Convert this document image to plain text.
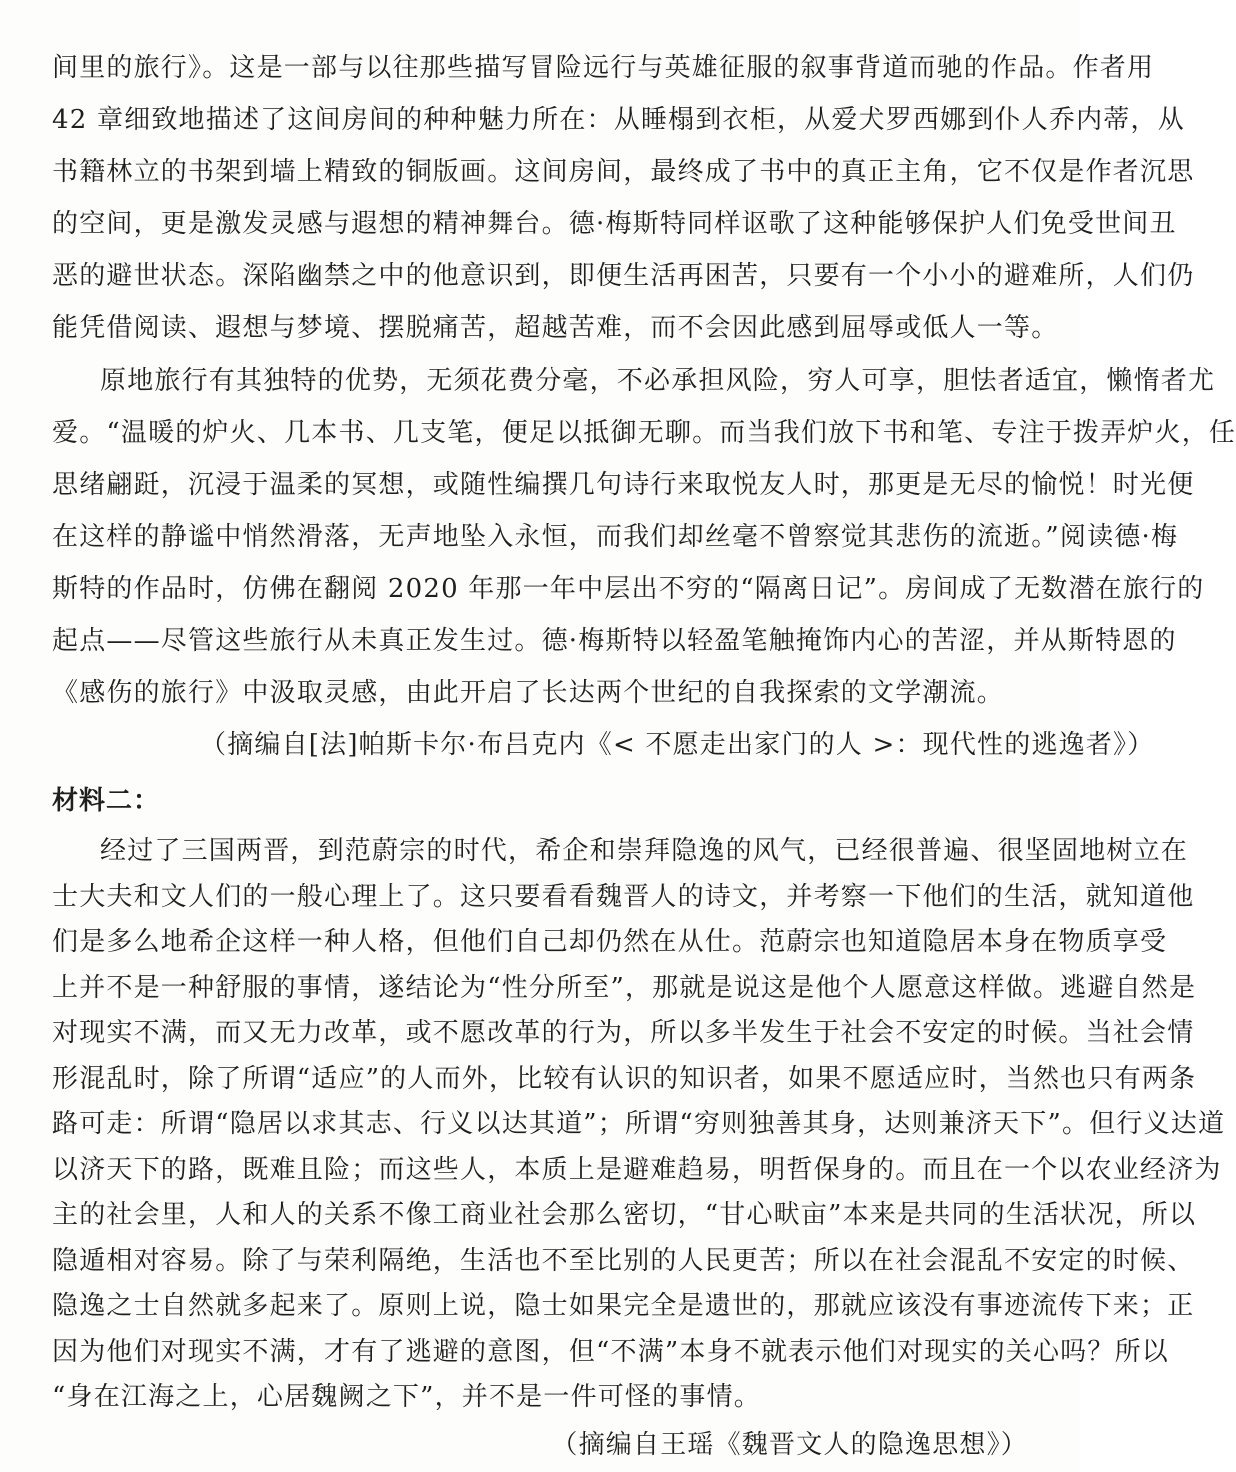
间里的旅行》。这是一部与以往那些描写冒险远行与英雄征服的叙事背道而驰的作品。作者用
42 章细致地描述了这间房间的种种魅力所在：从睡榻到衣柜，从爱犬罗西娜到仆人乔内蒂，从
书籍林立的书架到墙上精致的铜版画。这间房间，最终成了书中的真正主角，它不仅是作者沉思
的空间，更是激发灵感与遐想的精神舞台。德·梅斯特同样讴歌了这种能够保护人们免受世间丑
恶的避世状态。深陷幽禁之中的他意识到，即便生活再困苦，只要有一个小小的避难所，人们仍
能凭借阅读、遐想与梦境、摆脱痛苦，超越苦难，而不会因此感到屈辱或低人一等。
原地旅行有其独特的优势，无须花费分毫，不必承担风险，穷人可享，胆怯者适宜，懒惰者尤
爱。“温暖的炉火、几本书、几支笔，便足以抵御无聊。而当我们放下书和笔、专注于拨弄炉火，任
思绪翩跹，沉浸于温柔的冥想，或随性编撰几句诗行来取悦友人时，那更是无尽的愉悦！时光便
在这样的静谧中悄然滑落，无声地坠入永恒，而我们却丝毫不曾察觉其悲伤的流逝。”阅读德·梅
斯特的作品时，仿佛在翻阅 2020 年那一年中层出不穷的“隔离日记”。房间成了无数潜在旅行的
起点——尽管这些旅行从未真正发生过。德·梅斯特以轻盈笔触掩饰内心的苦涩，并从斯特恩的
《感伤的旅行》中汲取灵感，由此开启了长达两个世纪的自我探索的文学潮流。
（摘编自[法]帕斯卡尔·布吕克内《< 不愿走出家门的人 >：现代性的逃逸者》）
材料二：
经过了三国两晋，到范蔚宗的时代，希企和崇拜隐逸的风气，已经很普遍、很坚固地树立在
士大夫和文人们的一般心理上了。这只要看看魏晋人的诗文，并考察一下他们的生活，就知道他
们是多么地希企这样一种人格，但他们自己却仍然在从仕。范蔚宗也知道隐居本身在物质享受
上并不是一种舒服的事情，遂结论为“性分所至”，那就是说这是他个人愿意这样做。逃避自然是
对现实不满，而又无力改革，或不愿改革的行为，所以多半发生于社会不安定的时候。当社会情
形混乱时，除了所谓“适应”的人而外，比较有认识的知识者，如果不愿适应时，当然也只有两条
路可走：所谓“隐居以求其志、行义以达其道”；所谓“穷则独善其身，达则兼济天下”。但行义达道
以济天下的路，既难且险；而这些人，本质上是避难趋易，明哲保身的。而且在一个以农业经济为
主的社会里，人和人的关系不像工商业社会那么密切，“甘心畎亩”本来是共同的生活状况，所以
隐遁相对容易。除了与荣利隔绝，生活也不至比别的人民更苦；所以在社会混乱不安定的时候、
隐逸之士自然就多起来了。原则上说，隐士如果完全是遗世的，那就应该没有事迹流传下来；正
因为他们对现实不满，才有了逃避的意图，但“不满”本身不就表示他们对现实的关心吗？所以
“身在江海之上，心居魏阙之下”，并不是一件可怪的事情。
（摘编自王瑶《魏晋文人的隐逸思想》）
